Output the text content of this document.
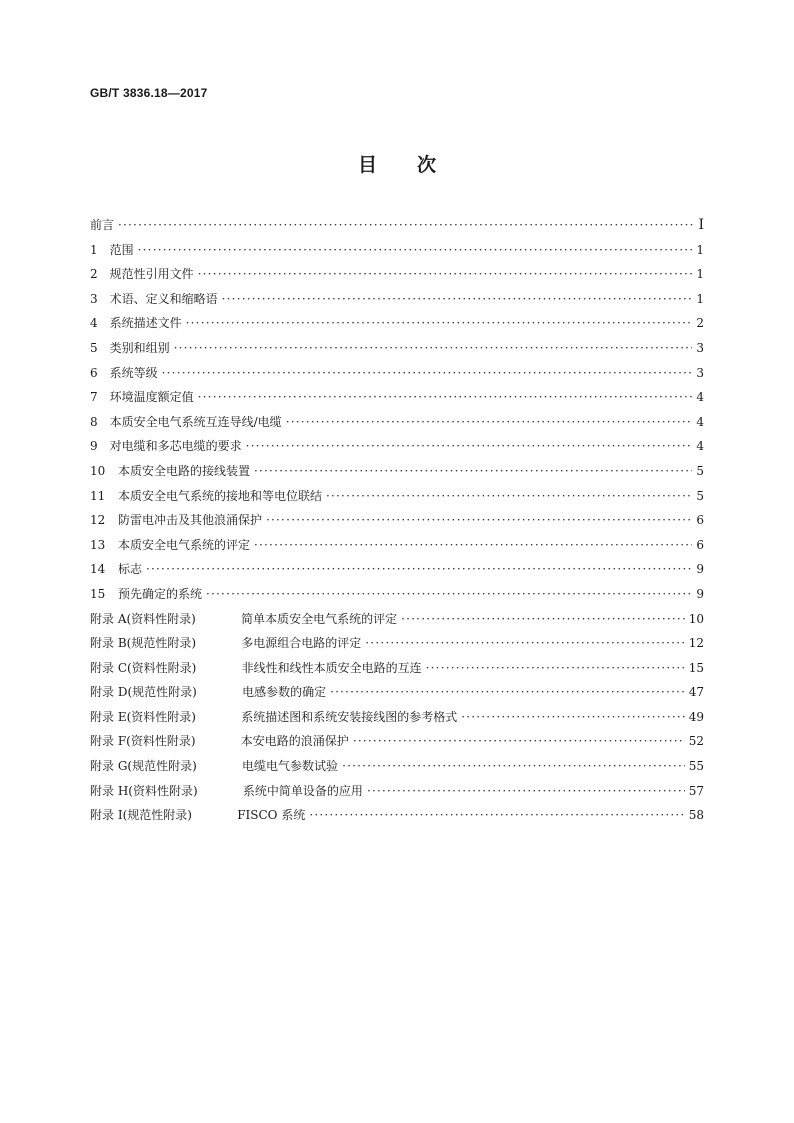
GB/T 3836.18—2017
目次
前言 ·····	Ⅰ
1 范围 ·····	1
2 规范性引用文件 ·····	1
3 术语、定义和缩略语 ·····	1
4 系统描述文件 ·····	2
5 类别和组别 ·····	3
6 系统等级 ·····	3
7 环境温度额定值 ·····	4
8 本质安全电气系统互连导线/电缆 ·····	4
9 对电缆和多芯电缆的要求 ·····	4
10 本质安全电路的接线装置 ·····	5
11 本质安全电气系统的接地和等电位联结 ·····	5
12 防雷电冲击及其他浪涌保护 ·····	6
13 本质安全电气系统的评定 ·····	6
14 标志 ·····	9
15 预先确定的系统 ·····	9
附录 A(资料性附录)	简单本质安全电气系统的评定 ·····	10
附录 B(规范性附录)	多电源组合电路的评定 ·····	12
附录 C(资料性附录)	非线性和线性本质安全电路的互连 ·····	15
附录 D(规范性附录)	电感参数的确定 ·····	47
附录 E(资料性附录)	系统描述图和系统安装接线图的参考格式 ·····	49
附录 F(资料性附录)	本安电路的浪涌保护 ·····	52
附录 G(规范性附录)	电缆电气参数试验 ·····	55
附录 H(资料性附录)	系统中简单设备的应用 ·····	57
附录 I(规范性附录)	FISCO 系统 ·····	58
